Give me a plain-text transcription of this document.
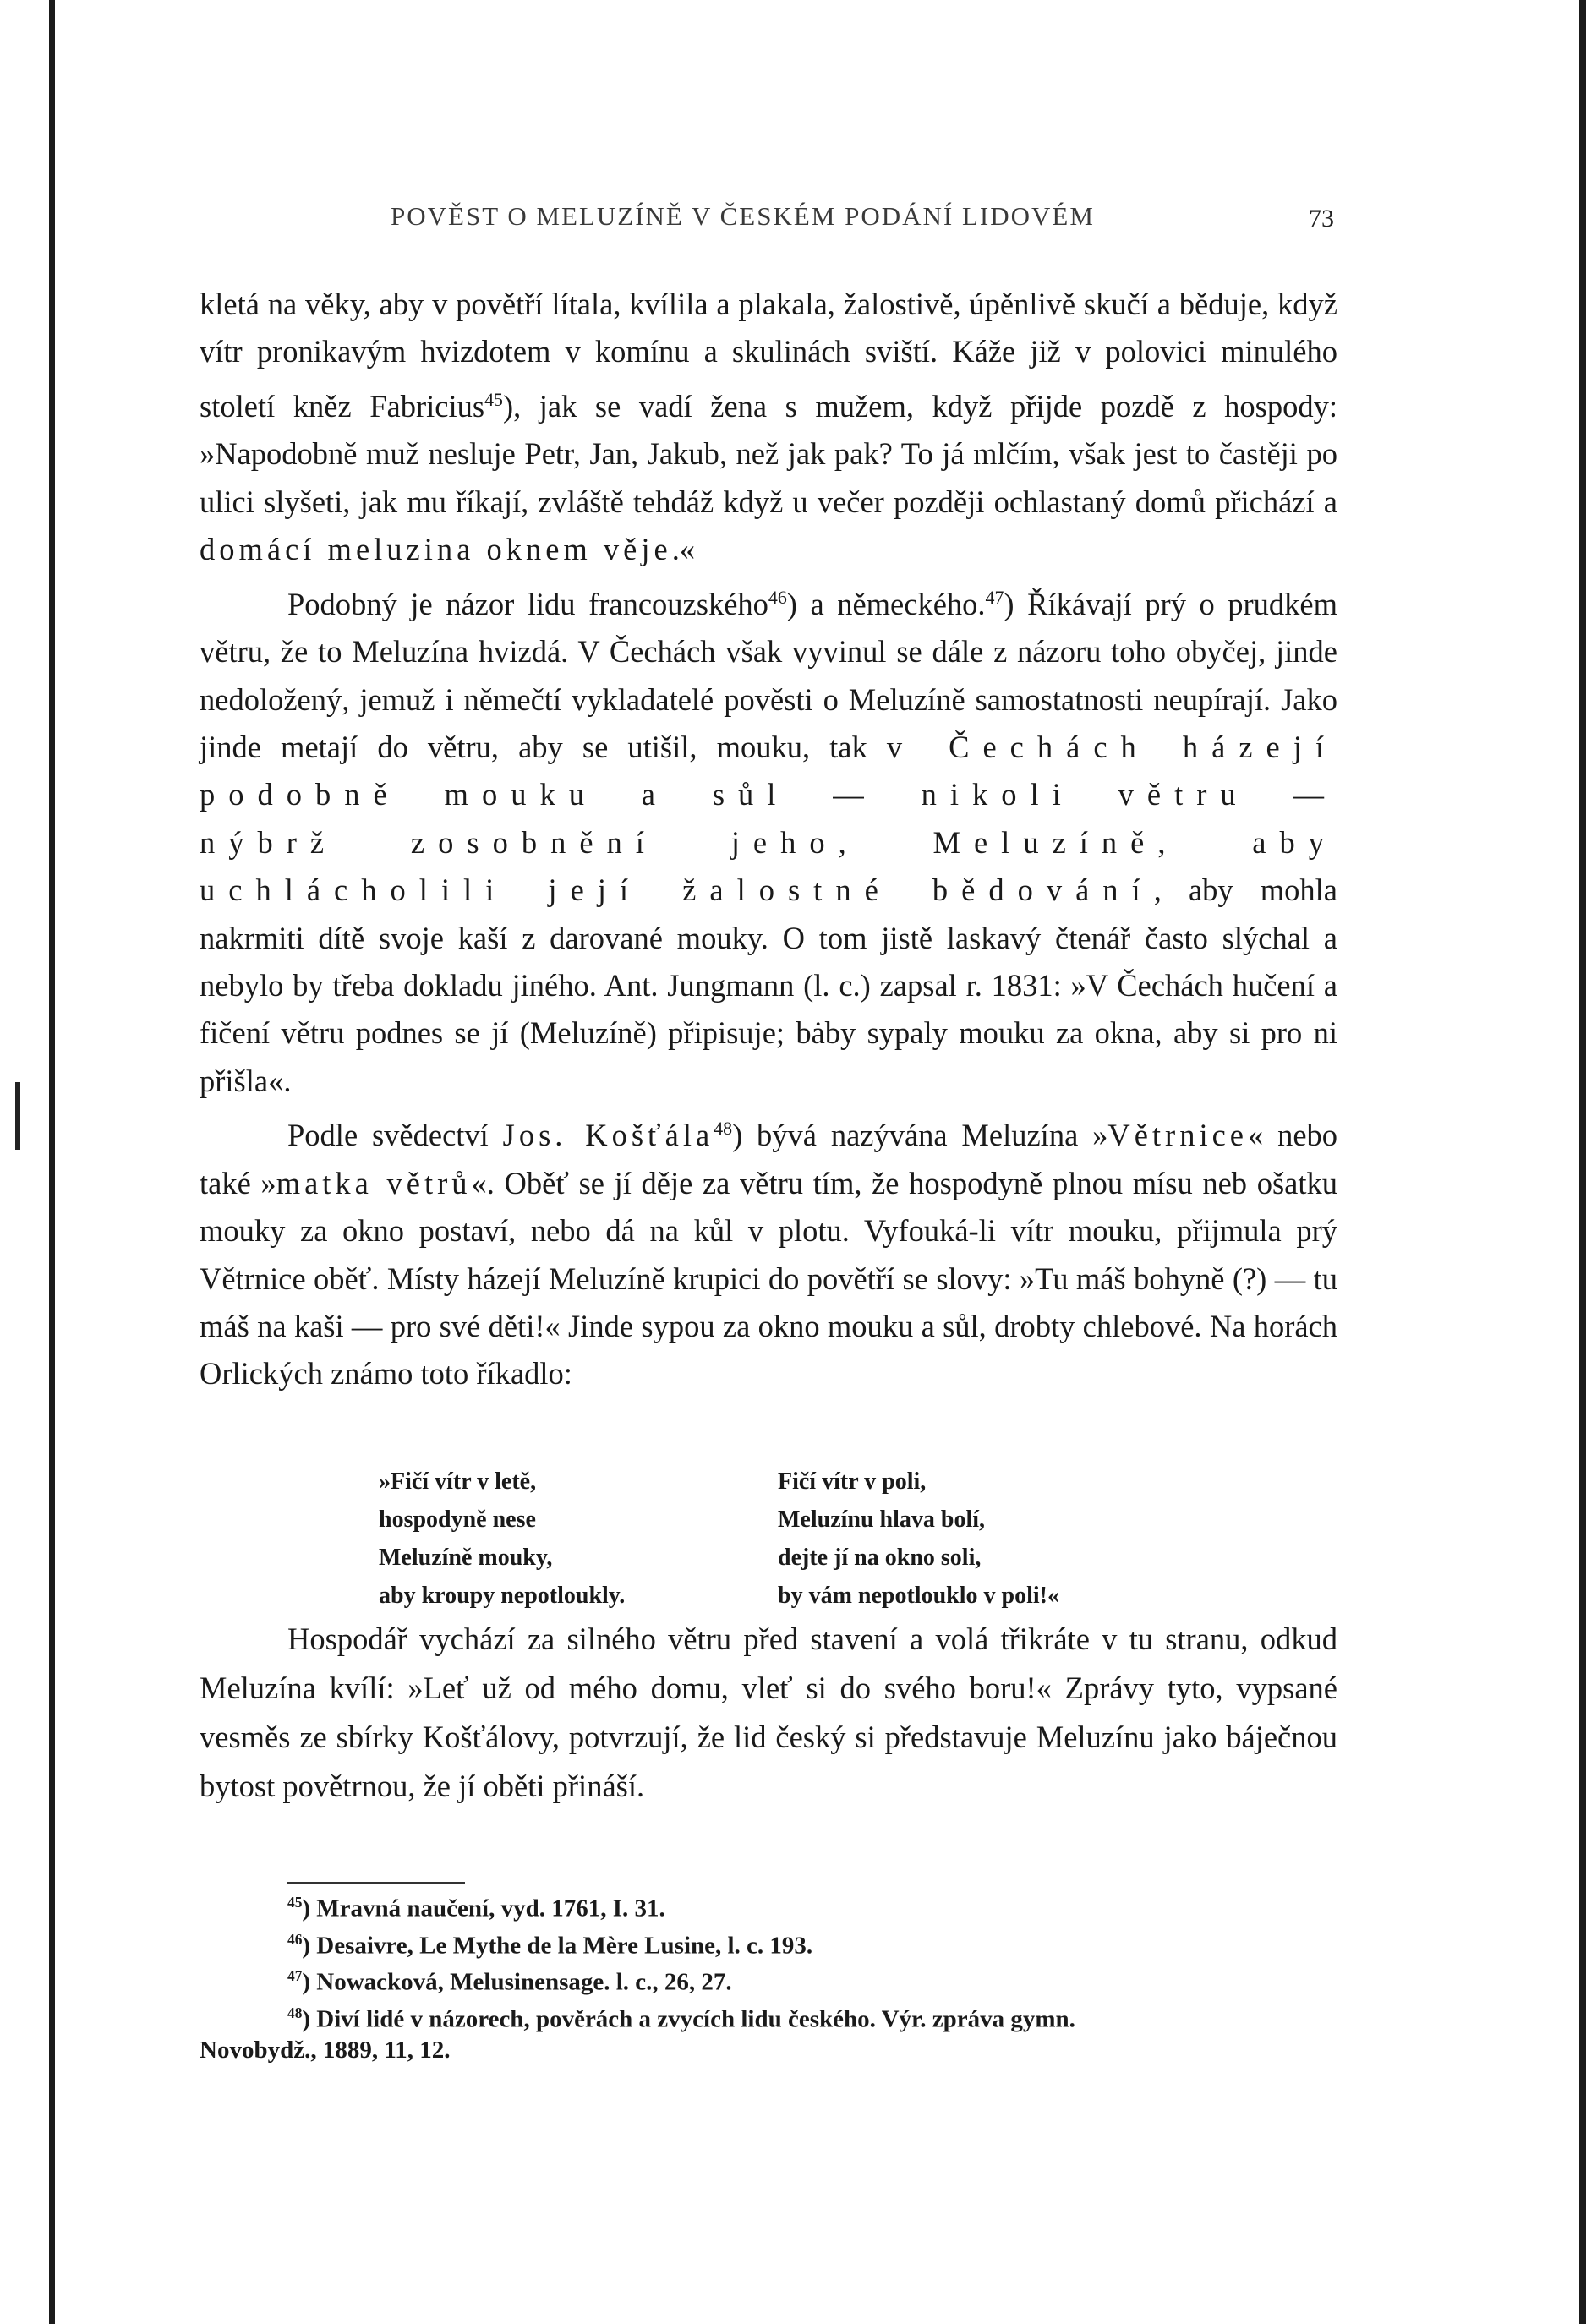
POVĚST O MELUZÍNĚ V ČESKÉM PODÁNÍ LIDOVÉM	73

kletá na věky, aby v povětří lítala, kvílila a plakala, žalostivě, úpěnlivě skučí a běduje, když vítr pronikavým hvizdotem v komínu a skulinách sviští. Káže již v polovici minulého století kněz Fabricius$^{45}$), jak se vadí žena s mužem, když přijde pozdě z hospody: »Napodobně muž nesluje Petr, Jan, Jakub, než jak pak? To já mlčím, však jest to častěji po ulici slyšeti, jak mu říkají, zvláště tehdáž když u večer později ochlastaný domů přichází a domácí meluzina oknem věje.«

Podobný je názor lidu francouzského$^{46}$) a německého.$^{47}$) Říkávají prý o prudkém větru, že to Meluzína hvizdá. V Čechách však vyvinul se dále z názoru toho obyčej, jinde nedoložený, jemuž i němečtí vykladatelé pověsti o Meluzíně samostatnosti neupírají. Jako jinde metají do větru, aby se utišil, mouku, tak v Čechách házejí podobně mouku a sůl — nikoli větru — nýbrž zosobnění jeho, Meluzíně, aby uchlácholili její žalostné bědování, aby mohla nakrmiti dítě svoje kaší z darované mouky. O tom jistě laskavý čtenář často slýchal a nebylo by třeba dokladu jiného. Ant. Jungmann (l. c.) zapsal r. 1831: »V Čechách hučení a fičení větru podnes se jí (Meluzíně) připisuje; bȧby sypaly mouku za okna, aby si pro ni přišla«.

Podle svědectví Jos. Košťála$^{48}$) bývá nazývána Meluzína »Větrnice« nebo také »matka větrů«. Oběť se jí děje za větru tím, že hospodyně plnou mísu neb ošatku mouky za okno postaví, nebo dá na kůl v plotu. Vyfouká-li vítr mouku, přijmula prý Větrnice oběť. Místy házejí Meluzíně krupici do povětří se slovy: »Tu máš bohyně (?) — tu máš na kaši — pro své děti!« Jinde sypou za okno mouku a sůl, drobty chlebové. Na horách Orlických známo toto říkadlo:

»Fičí vítr v letě,
hospodyně nese
Meluzíně mouky,
aby kroupy nepotloukly.
Fičí vítr v poli,
Meluzínu hlava bolí,
dejte jí na okno soli,
by vám nepotlouklo v poli!«

Hospodář vychází za silného větru před stavení a volá třikráte v tu stranu, odkud Meluzína kvílí: »Leť už od mého domu, vleť si do svého boru!« Zprávy tyto, vypsané vesměs ze sbírky Košťálovy, potvrzují, že lid český si představuje Meluzínu jako báječnou bytost povětrnou, že jí oběti přináší.

$^{45}$) Mravná naučení, vyd. 1761, I. 31.
$^{46}$) Desaivre, Le Mythe de la Mère Lusine, l. c. 193.
$^{47}$) Nowacková, Melusinensage. l. c., 26, 27.
$^{48}$) Diví lidé v názorech, pověrách a zvycích lidu českého. Výr. zpráva gymn.
Novobydž., 1889, 11, 12.
